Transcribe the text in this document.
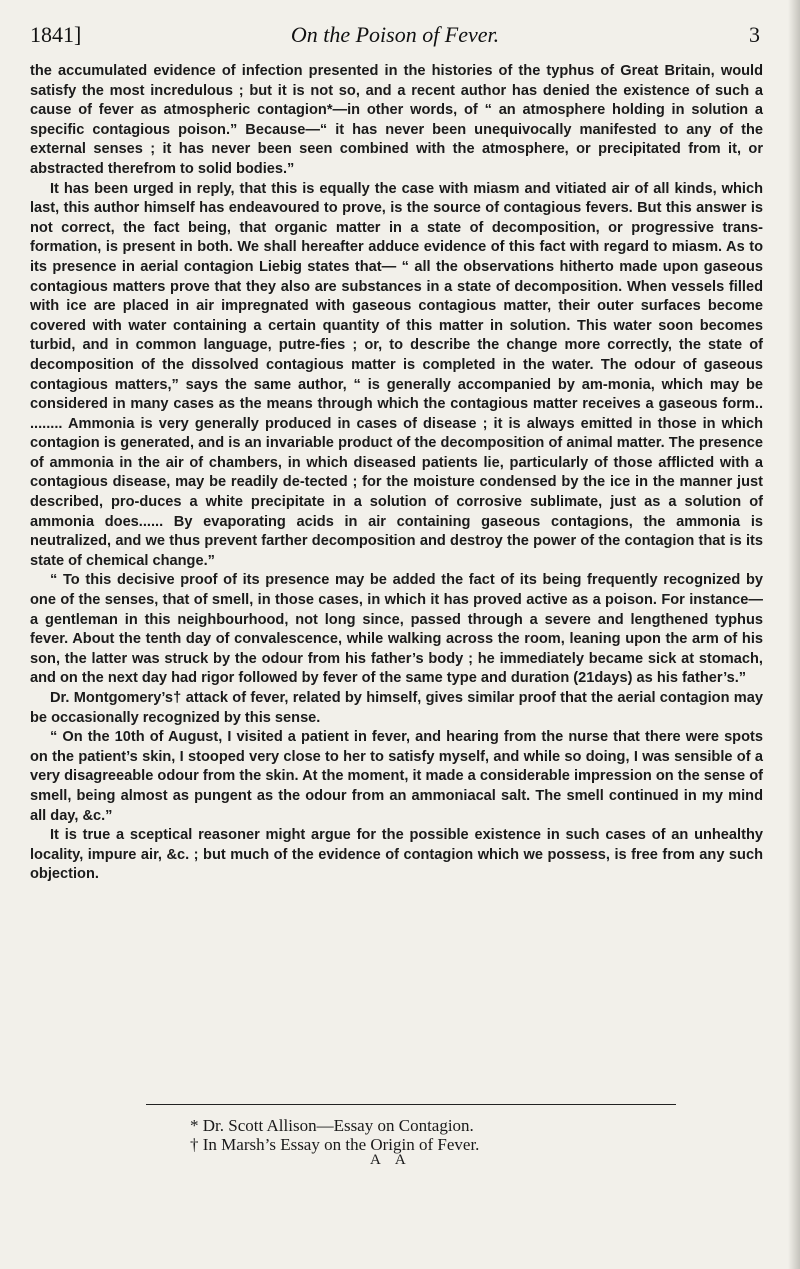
1841]	On the Poison of Fever.	3

the accumulated evidence of infection presented in the histories of the typhus of Great Britain, would satisfy the most incredulous ; but it is not so, and a recent author has denied the existence of such a cause of fever as atmospheric contagion*—in other words, of “ an atmosphere holding in solution a specific contagious poison.” Because—“ it has never been unequivocally manifested to any of the external senses ; it has never been seen combined with the atmosphere, or precipitated from it, or abstracted therefrom to solid bodies.”

It has been urged in reply, that this is equally the case with miasm and vitiated air of all kinds, which last, this author himself has endeavoured to prove, is the source of contagious fevers. But this answer is not correct, the fact being, that organic matter in a state of decomposition, or progressive trans-formation, is present in both. We shall hereafter adduce evidence of this fact with regard to miasm. As to its presence in aerial contagion Liebig states that— “ all the observations hitherto made upon gaseous contagious matters prove that they also are substances in a state of decomposition. When vessels filled with ice are placed in air impregnated with gaseous contagious matter, their outer surfaces become covered with water containing a certain quantity of this matter in solution. This water soon becomes turbid, and in common language, putre-fies ; or, to describe the change more correctly, the state of decomposition of the dissolved contagious matter is completed in the water. The odour of gaseous contagious matters,” says the same author, “ is generally accompanied by am-monia, which may be considered in many cases as the means through which the contagious matter receives a gaseous form.. ........ Ammonia is very generally produced in cases of disease ; it is always emitted in those in which contagion is generated, and is an invariable product of the decomposition of animal matter. The presence of ammonia in the air of chambers, in which diseased patients lie, particularly of those afflicted with a contagious disease, may be readily de-tected ; for the moisture condensed by the ice in the manner just described, pro-duces a white precipitate in a solution of corrosive sublimate, just as a solution of ammonia does...... By evaporating acids in air containing gaseous contagions, the ammonia is neutralized, and we thus prevent farther decomposition and destroy the power of the contagion that is its state of chemical change.”

“ To this decisive proof of its presence may be added the fact of its being frequently recognized by one of the senses, that of smell, in those cases, in which it has proved active as a poison. For instance—a gentleman in this neighbourhood, not long since, passed through a severe and lengthened typhus fever. About the tenth day of convalescence, while walking across the room, leaning upon the arm of his son, the latter was struck by the odour from his father’s body ; he immediately became sick at stomach, and on the next day had rigor followed by fever of the same type and duration (21days) as his father’s.”

Dr. Montgomery’s† attack of fever, related by himself, gives similar proof that the aerial contagion may be occasionally recognized by this sense.

“ On the 10th of August, I visited a patient in fever, and hearing from the nurse that there were spots on the patient’s skin, I stooped very close to her to satisfy myself, and while so doing, I was sensible of a very disagreeable odour from the skin. At the moment, it made a considerable impression on the sense of smell, being almost as pungent as the odour from an ammoniacal salt. The smell continued in my mind all day, &c.”

It is true a sceptical reasoner might argue for the possible existence in such cases of an unhealthy locality, impure air, &c. ; but much of the evidence of contagion which we possess, is free from any such objection.

* Dr. Scott Allison—Essay on Contagion.
† In Marsh’s Essay on the Origin of Fever.
A A
